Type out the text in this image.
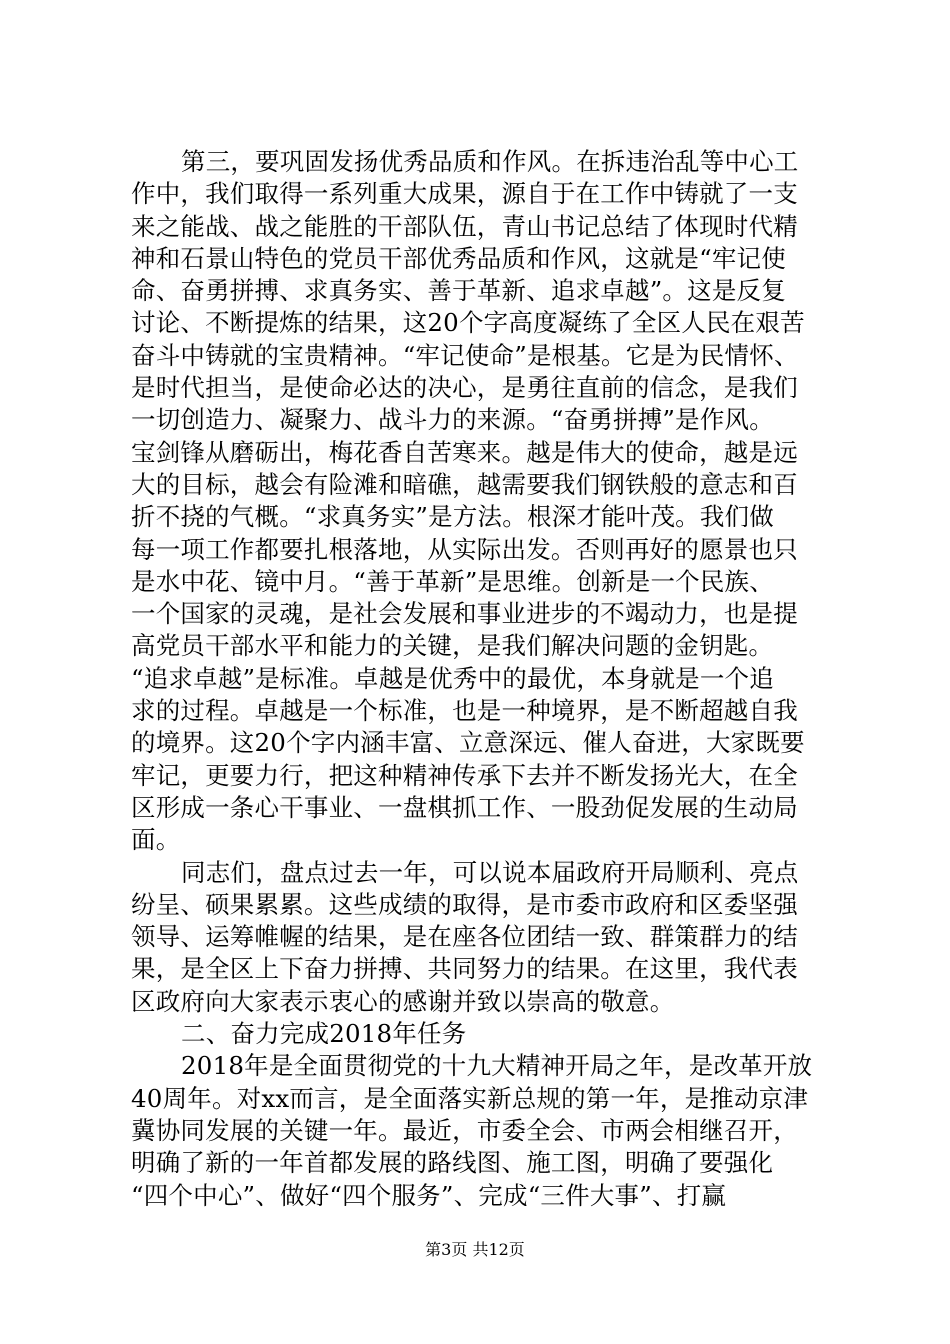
第三，要巩固发扬优秀品质和作风。在拆违治乱等中心工
作中，我们取得一系列重大成果，源自于在工作中铸就了一支
来之能战、战之能胜的干部队伍，青山书记总结了体现时代精
神和石景山特色的党员干部优秀品质和作风，这就是“牢记使
命、奋勇拼搏、求真务实、善于革新、追求卓越”。这是反复
讨论、不断提炼的结果，这20个字高度凝练了全区人民在艰苦
奋斗中铸就的宝贵精神。“牢记使命”是根基。它是为民情怀、
是时代担当，是使命必达的决心，是勇往直前的信念，是我们
一切创造力、凝聚力、战斗力的来源。“奋勇拼搏”是作风。
宝剑锋从磨砺出，梅花香自苦寒来。越是伟大的使命，越是远
大的目标，越会有险滩和暗礁，越需要我们钢铁般的意志和百
折不挠的气概。“求真务实”是方法。根深才能叶茂。我们做
每一项工作都要扎根落地，从实际出发。否则再好的愿景也只
是水中花、镜中月。“善于革新”是思维。创新是一个民族、
一个国家的灵魂，是社会发展和事业进步的不竭动力，也是提
高党员干部水平和能力的关键，是我们解决问题的金钥匙。
“追求卓越”是标准。卓越是优秀中的最优，本身就是一个追
求的过程。卓越是一个标准，也是一种境界，是不断超越自我
的境界。这20个字内涵丰富、立意深远、催人奋进，大家既要
牢记，更要力行，把这种精神传承下去并不断发扬光大，在全
区形成一条心干事业、一盘棋抓工作、一股劲促发展的生动局
面。
同志们，盘点过去一年，可以说本届政府开局顺利、亮点
纷呈、硕果累累。这些成绩的取得，是市委市政府和区委坚强
领导、运筹帷幄的结果，是在座各位团结一致、群策群力的结
果，是全区上下奋力拼搏、共同努力的结果。在这里，我代表
区政府向大家表示衷心的感谢并致以崇高的敬意。
二、奋力完成2018年任务
2018年是全面贯彻党的十九大精神开局之年，是改革开放
40周年。对xx而言，是全面落实新总规的第一年，是推动京津
冀协同发展的关键一年。最近，市委全会、市两会相继召开，
明确了新的一年首都发展的路线图、施工图，明确了要强化
“四个中心”、做好“四个服务”、完成“三件大事”、打赢
第3页 共12页
